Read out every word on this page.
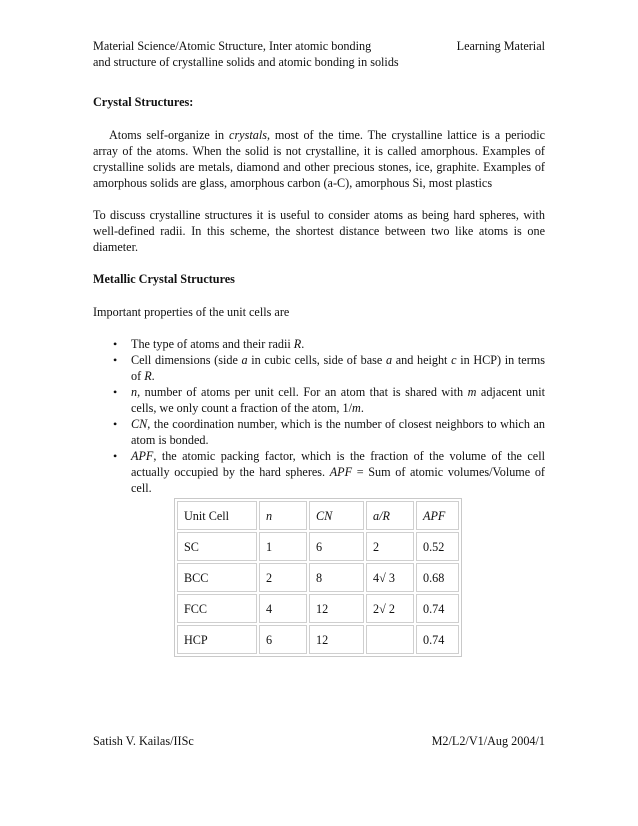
Material Science/Atomic Structure, Inter atomic bonding
and structure of crystalline solids and atomic bonding in solids
Learning Material
Crystal Structures:

Atoms self-organize in crystals, most of the time. The crystalline lattice is a periodic array of the atoms. When the solid is not crystalline, it is called amorphous. Examples of crystalline solids are metals, diamond and other precious stones, ice, graphite. Examples of amorphous solids are glass, amorphous carbon (a-C), amorphous Si, most plastics

To discuss crystalline structures it is useful to consider atoms as being hard spheres, with well-defined radii. In this scheme, the shortest distance between two like atoms is one diameter.

Metallic Crystal Structures

Important properties of the unit cells are

• The type of atoms and their radii R.
• Cell dimensions (side a in cubic cells, side of base a and height c in HCP) in terms of R.
• n, number of atoms per unit cell. For an atom that is shared with m adjacent unit cells, we only count a fraction of the atom, 1/m.
• CN, the coordination number, which is the number of closest neighbors to which an atom is bonded.
• APF, the atomic packing factor, which is the fraction of the volume of the cell actually occupied by the hard spheres. APF = Sum of atomic volumes/Volume of cell.
Unit Cell	n	CN	a/R	APF
SC	1	6	2	0.52
BCC	2	8	4√ 3	0.68
FCC	4	12	2√ 2	0.74
HCP	6	12		0.74
Satish V. Kailas/IISc	M2/L2/V1/Aug 2004/1
